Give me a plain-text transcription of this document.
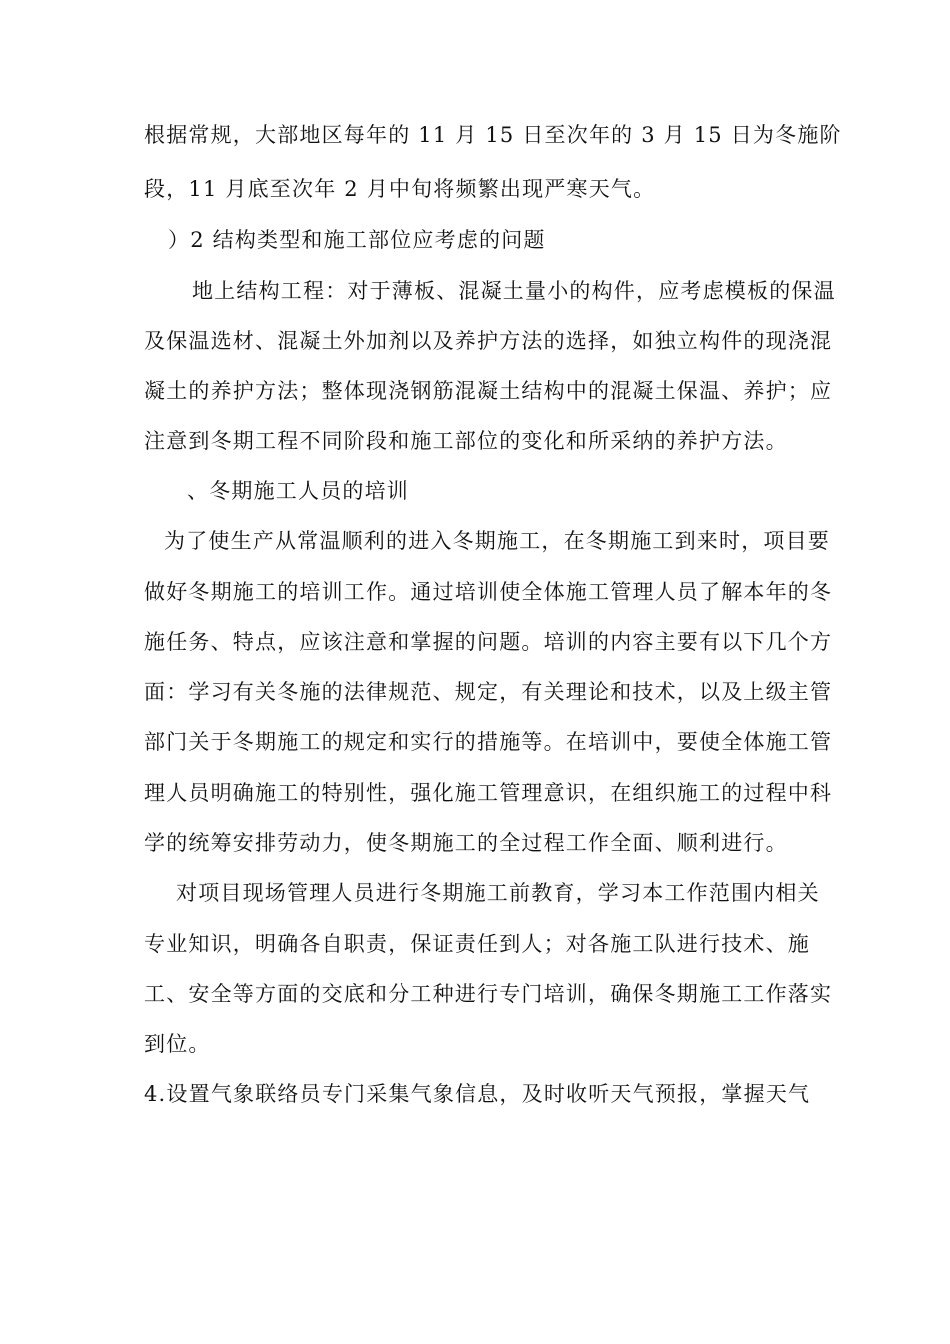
根据常规，大部地区每年的 11 月 15 日至次年的 3 月 15 日为冬施阶
段，11 月底至次年 2 月中旬将频繁出现严寒天气。
）2 结构类型和施工部位应考虑的问题
地上结构工程：对于薄板、混凝土量小的构件，应考虑模板的保温
及保温选材、混凝土外加剂以及养护方法的选择，如独立构件的现浇混
凝土的养护方法；整体现浇钢筋混凝土结构中的混凝土保温、养护；应
注意到冬期工程不同阶段和施工部位的变化和所采纳的养护方法。
、冬期施工人员的培训
为了使生产从常温顺利的进入冬期施工，在冬期施工到来时，项目要
做好冬期施工的培训工作。通过培训使全体施工管理人员了解本年的冬
施任务、特点，应该注意和掌握的问题。培训的内容主要有以下几个方
面：学习有关冬施的法律规范、规定，有关理论和技术，以及上级主管
部门关于冬期施工的规定和实行的措施等。在培训中，要使全体施工管
理人员明确施工的特别性，强化施工管理意识，在组织施工的过程中科
学的统筹安排劳动力，使冬期施工的全过程工作全面、顺利进行。
对项目现场管理人员进行冬期施工前教育，学习本工作范围内相关
专业知识，明确各自职责，保证责任到人；对各施工队进行技术、施
工、安全等方面的交底和分工种进行专门培训，确保冬期施工工作落实
到位。
4.设置气象联络员专门采集气象信息，及时收听天气预报，掌握天气
